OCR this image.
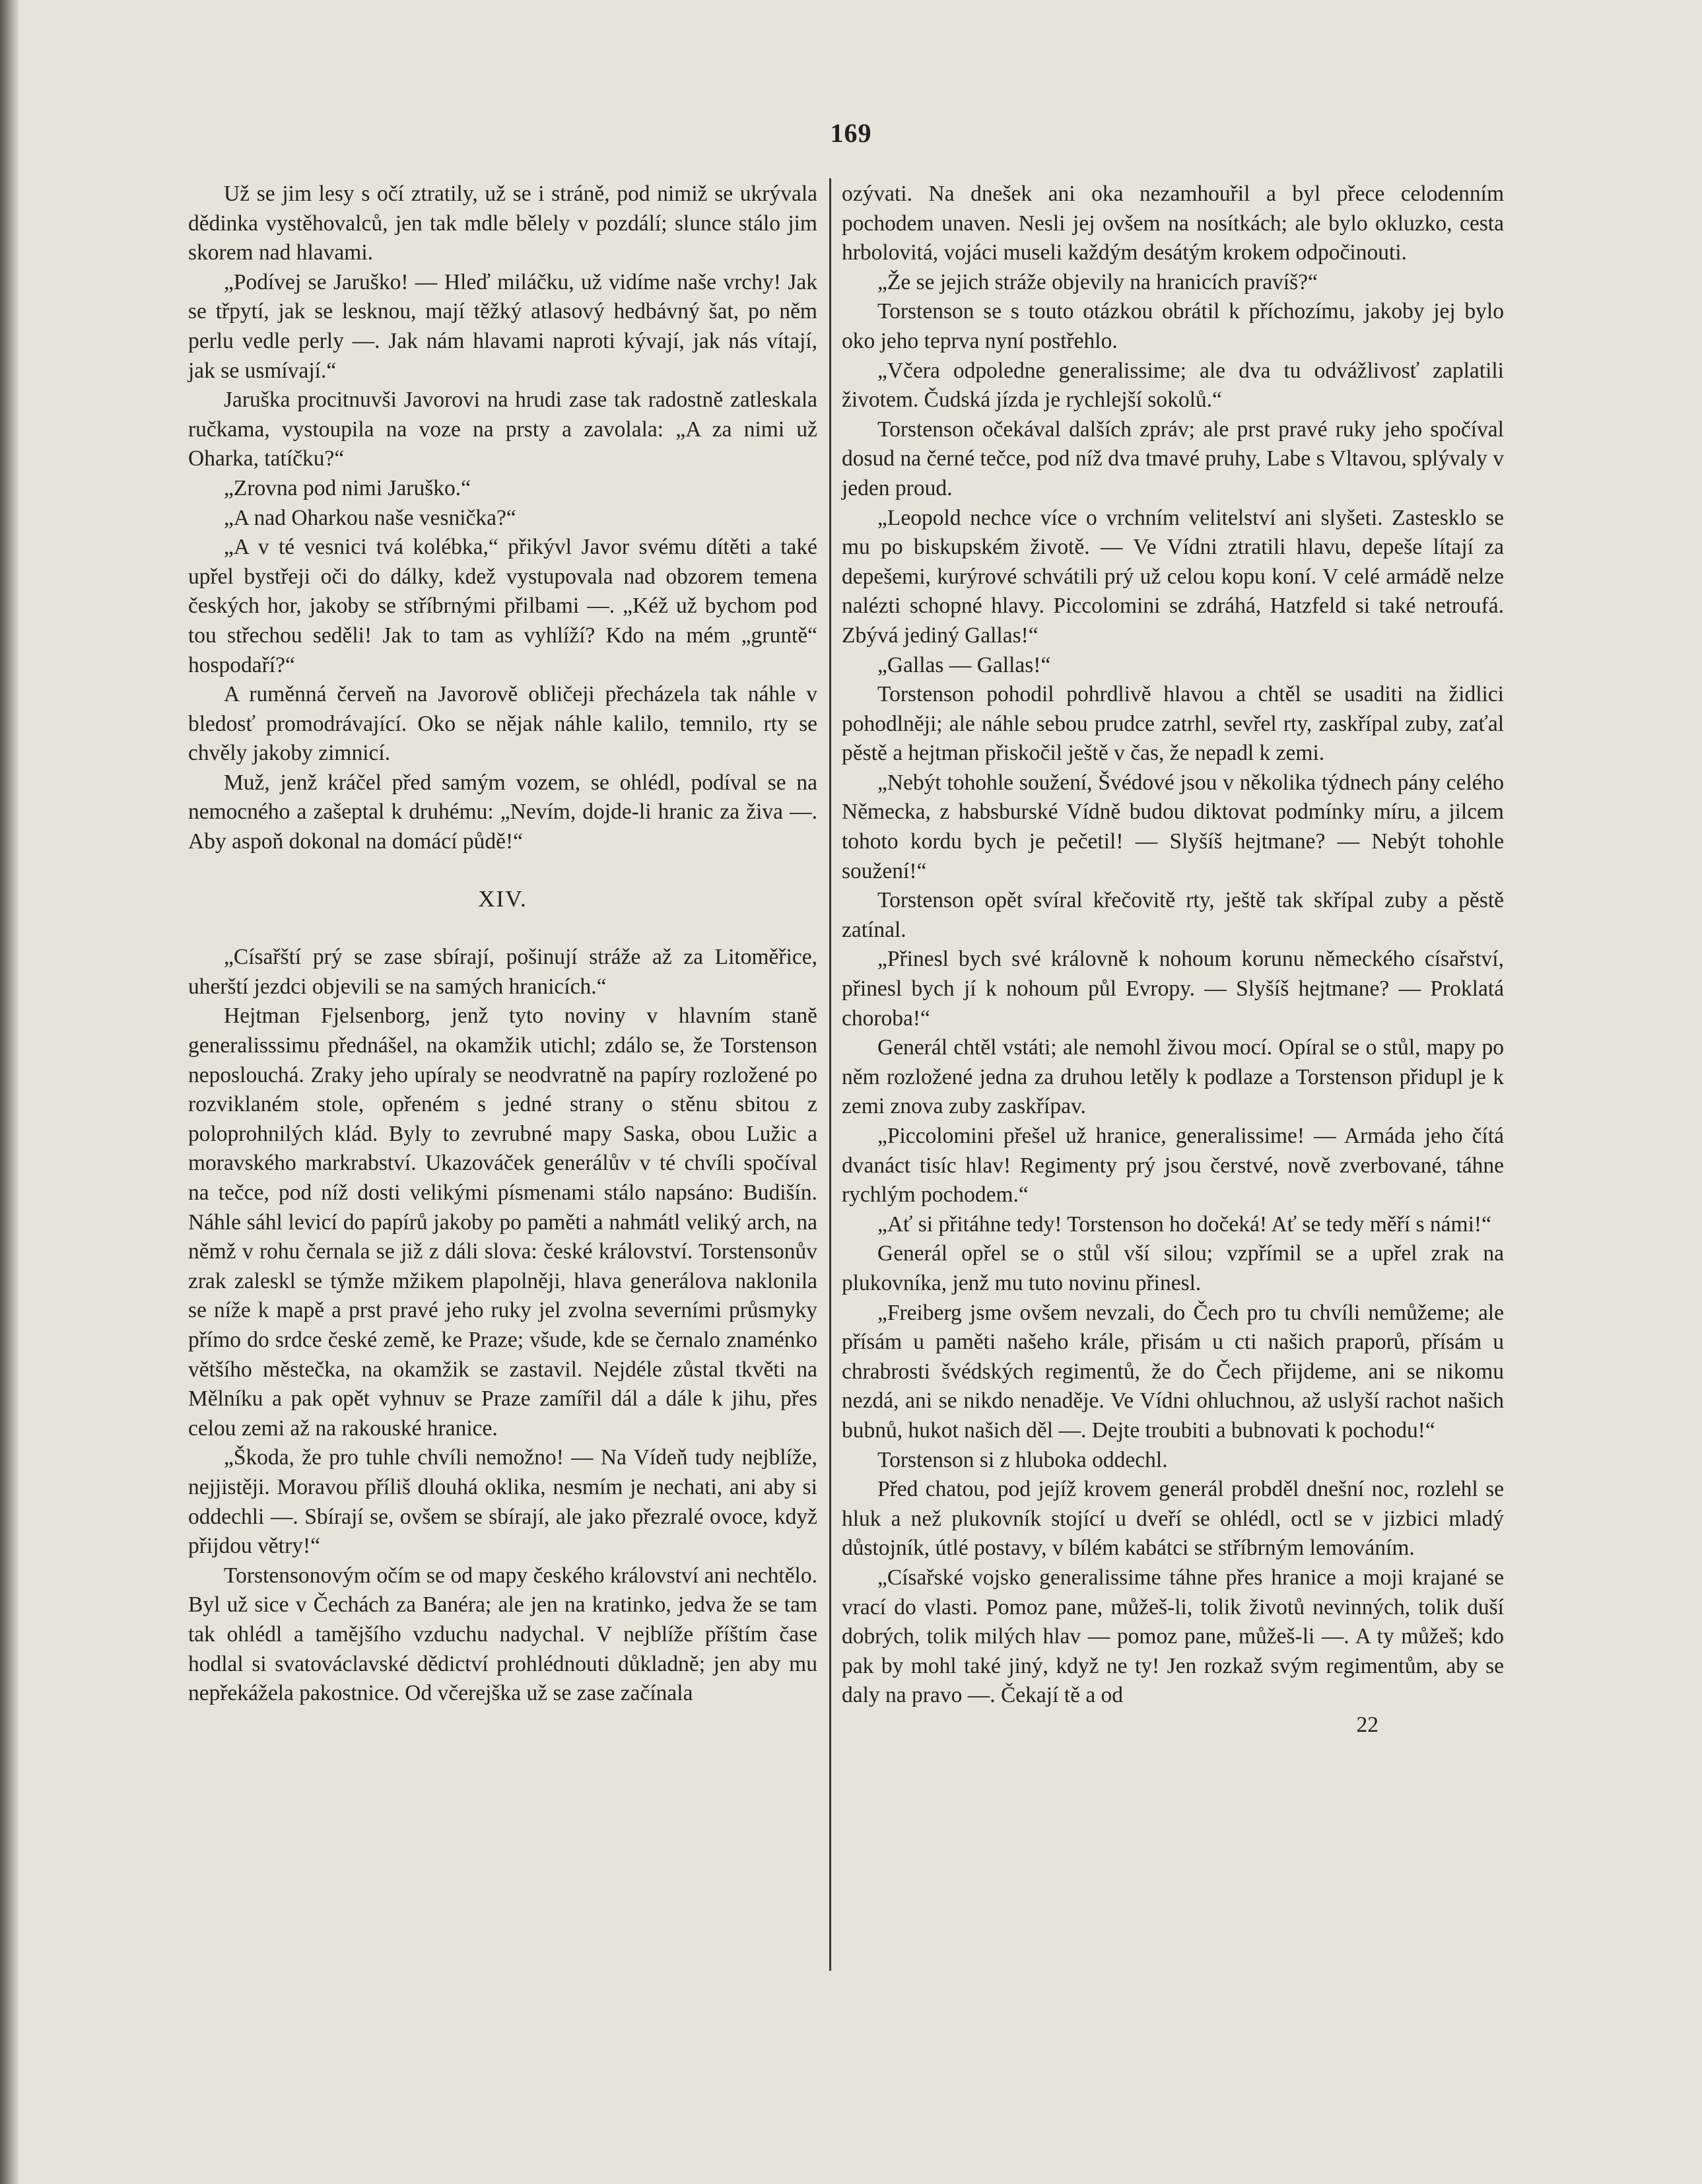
169

Už se jim lesy s očí ztratily, už se i stráně, pod nimiž se ukrývala dědinka vystěhovalců, jen tak mdle bělely v pozdálí; slunce stálo jim skorem nad hlavami.

„Podívej se Jaruško! — Hleď miláčku, už vidíme naše vrchy! Jak se třpytí, jak se lesknou, mají těžký atlasový hedbávný šat, po něm perlu vedle perly —. Jak nám hlavami naproti kývají, jak nás vítají, jak se usmívají.“

Jaruška procitnuvši Javorovi na hrudi zase tak radostně zatleskala ručkama, vystoupila na voze na prsty a zavolala: „A za nimi už Oharka, tatíčku?“

„Zrovna pod nimi Jaruško.“

„A nad Oharkou naše vesnička?“

„A v té vesnici tvá kolébka,“ přikývl Javor svému dítěti a také upřel bystřeji oči do dálky, kdež vystupovala nad obzorem temena českých hor, jakoby se stříbrnými přilbami —. „Kéž už bychom pod tou střechou seděli! Jak to tam as vyhlíží? Kdo na mém „gruntě“ hospodaří?“

A ruměnná červeň na Javorově obličeji přecházela tak náhle v bledosť promodrávající. Oko se nějak náhle kalilo, temnilo, rty se chvěly jakoby zimnicí.

Muž, jenž kráčel před samým vozem, se ohlédl, podíval se na nemocného a zašeptal k druhému: „Nevím, dojde-li hranic za živa —. Aby aspoň dokonal na domácí půdě!“

XIV.

„Císařští prý se zase sbírají, pošinují stráže až za Litoměřice, uherští jezdci objevili se na samých hranicích.“

Hejtman Fjelsenborg, jenž tyto noviny v hlavním stanĕ generalisssimu přednášel, na okamžik utichl; zdálo se, že Torstenson neposlouchá. Zraky jeho upíraly se neodvratně na papíry rozložené po rozviklaném stole, opřeném s jedné strany o stěnu sbitou z poloprohnilých klád. Byly to zevrubné mapy Saska, obou Lužic a moravského markrabství. Ukazováček generálův v té chvíli spočíval na tečce, pod níž dosti velikými písmenami stálo napsáno: Budišín. Náhle sáhl levicí do papírů jakoby po paměti a nahmátl veliký arch, na němž v rohu černala se již z dáli slova: české království. Torstensonův zrak zaleskl se týmže mžikem plapolněji, hlava generálova naklonila se níže k mapě a prst pravé jeho ruky jel zvolna severními průsmyky přímo do srdce české země, ke Praze; všude, kde se černalo znaménko většího městečka, na okamžik se zastavil. Nejdéle zůstal tkvěti na Mělníku a pak opět vyhnuv se Praze zamířil dál a dále k jihu, přes celou zemi až na rakouské hranice.

„Škoda, že pro tuhle chvíli nemožno! — Na Vídeň tudy nejblíže, nejjistěji. Moravou příliš dlouhá oklika, nesmím je nechati, ani aby si oddechli —. Sbírají se, ovšem se sbírají, ale jako přezralé ovoce, když přijdou větry!“

Torstensonovým očím se od mapy českého království ani nechtělo. Byl už sice v Čechách za Banéra; ale jen na kratinko, jedva že se tam tak ohlédl a tamějšího vzduchu nadychal. V nejblíže příštím čase hodlal si svatováclavské dědictví prohlédnouti důkladně; jen aby mu nepřekážela pakostnice. Od včerejška už se zase začínala

ozývati. Na dnešek ani oka nezamhouřil a byl přece celodenním pochodem unaven. Nesli jej ovšem na nosítkách; ale bylo okluzko, cesta hrbolovitá, vojáci museli každým desátým krokem odpočinouti.

„Že se jejich stráže objevily na hranicích pravíš?“

Torstenson se s touto otázkou obrátil k příchozímu, jakoby jej bylo oko jeho teprva nyní postřehlo.

„Včera odpoledne generalissime; ale dva tu odvážlivosť zaplatili životem. Čudská jízda je rychlejší sokolů.“

Torstenson očekával dalších zpráv; ale prst pravé ruky jeho spočíval dosud na černé tečce, pod níž dva tmavé pruhy, Labe s Vltavou, splývaly v jeden proud.

„Leopold nechce více o vrchním velitelství ani slyšeti. Zastesklo se mu po biskupském životě. — Ve Vídni ztratili hlavu, depeše lítají za depešemi, kurýrové schvátili prý už celou kopu koní. V celé armádě nelze nalézti schopné hlavy. Piccolomini se zdráhá, Hatzfeld si také netroufá. Zbývá jediný Gallas!“

„Gallas — Gallas!“

Torstenson pohodil pohrdlivě hlavou a chtěl se usaditi na židlici pohodlněji; ale náhle sebou prudce zatrhl, sevřel rty, zaskřípal zuby, zaťal pěstě a hejtman přiskočil ještě v čas, že nepadl k zemi.

„Nebýt tohohle soužení, Švédové jsou v několika týdnech pány celého Německa, z habsburské Vídně budou diktovat podmínky míru, a jilcem tohoto kordu bych je pečetil! — Slyšíš hejtmane? — Nebýt tohohle soužení!“

Torstenson opět svíral křečovitě rty, ještě tak skřípal zuby a pěstě zatínal.

„Přinesl bych své královně k nohoum korunu německého císařství, přinesl bych jí k nohoum půl Evropy. — Slyšíš hejtmane? — Proklatá choroba!“

Generál chtěl vstáti; ale nemohl živou mocí. Opíral se o stůl, mapy po něm rozložené jedna za druhou letěly k podlaze a Torstenson přidupl je k zemi znova zuby zaskřípav.

„Piccolomini přešel už hranice, generalissime! — Armáda jeho čítá dvanáct tisíc hlav! Regimenty prý jsou čerstvé, nově zverbované, táhne rychlým pochodem.“

„Ať si přitáhne tedy! Torstenson ho dočeká! Ať se tedy měří s námi!“

Generál opřel se o stůl vší silou; vzpřímil se a upřel zrak na plukovníka, jenž mu tuto novinu přinesl.

„Freiberg jsme ovšem nevzali, do Čech pro tu chvíli nemůžeme; ale přísám u paměti našeho krále, přisám u cti našich praporů, přísám u chrabrosti švédských regimentů, že do Čech přijdeme, ani se nikomu nezdá, ani se nikdo nenaděje. Ve Vídni ohluchnou, až uslyší rachot našich bubnů, hukot našich děl —. Dejte troubiti a bubnovati k pochodu!“

Torstenson si z hluboka oddechl.

Před chatou, pod jejíž krovem generál probděl dnešní noc, rozlehl se hluk a než plukovník stojící u dveří se ohlédl, octl se v jizbici mladý důstojník, útlé postavy, v bílém kabátci se stříbrným lemováním.

„Císařské vojsko generalissime táhne přes hranice a moji krajané se vrací do vlasti. Pomoz pane, můžeš-li, tolik životů nevinných, tolik duší dobrých, tolik milých hlav — pomoz pane, můžeš-li —. A ty můžeš; kdo pak by mohl také jiný, když ne ty! Jen rozkaž svým regimentům, aby se daly na pravo —. Čekají tě a od

22
